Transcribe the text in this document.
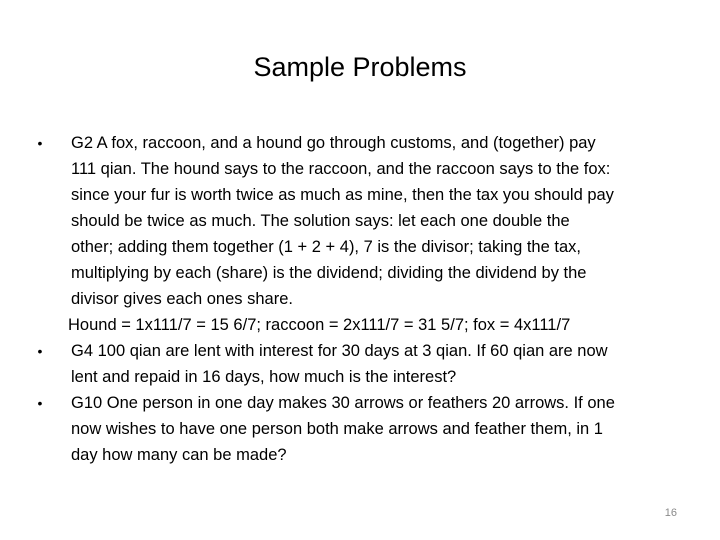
Sample Problems
•	G2 A fox, raccoon, and a hound go through customs, and (together) pay
111 qian. The hound says to the raccoon, and the raccoon says to the fox:
since your fur is worth twice as much as mine, then the tax you should pay
should be twice as much. The solution says: let each one double the
other; adding them together (1 + 2 + 4), 7 is the divisor; taking the tax,
multiplying by each (share) is the dividend; dividing the dividend by the
divisor gives each ones share.
Hound = 1x111/7 = 15 6/7; raccoon = 2x111/7 = 31 5/7; fox = 4x111/7
•	G4 100 qian are lent with interest for 30 days at 3 qian. If 60 qian are now
lent and repaid in 16 days, how much is the interest?
•	G10 One person in one day makes 30 arrows or feathers 20 arrows. If one
now wishes to have one person both make arrows and feather them, in 1
day how many can be made?
16
